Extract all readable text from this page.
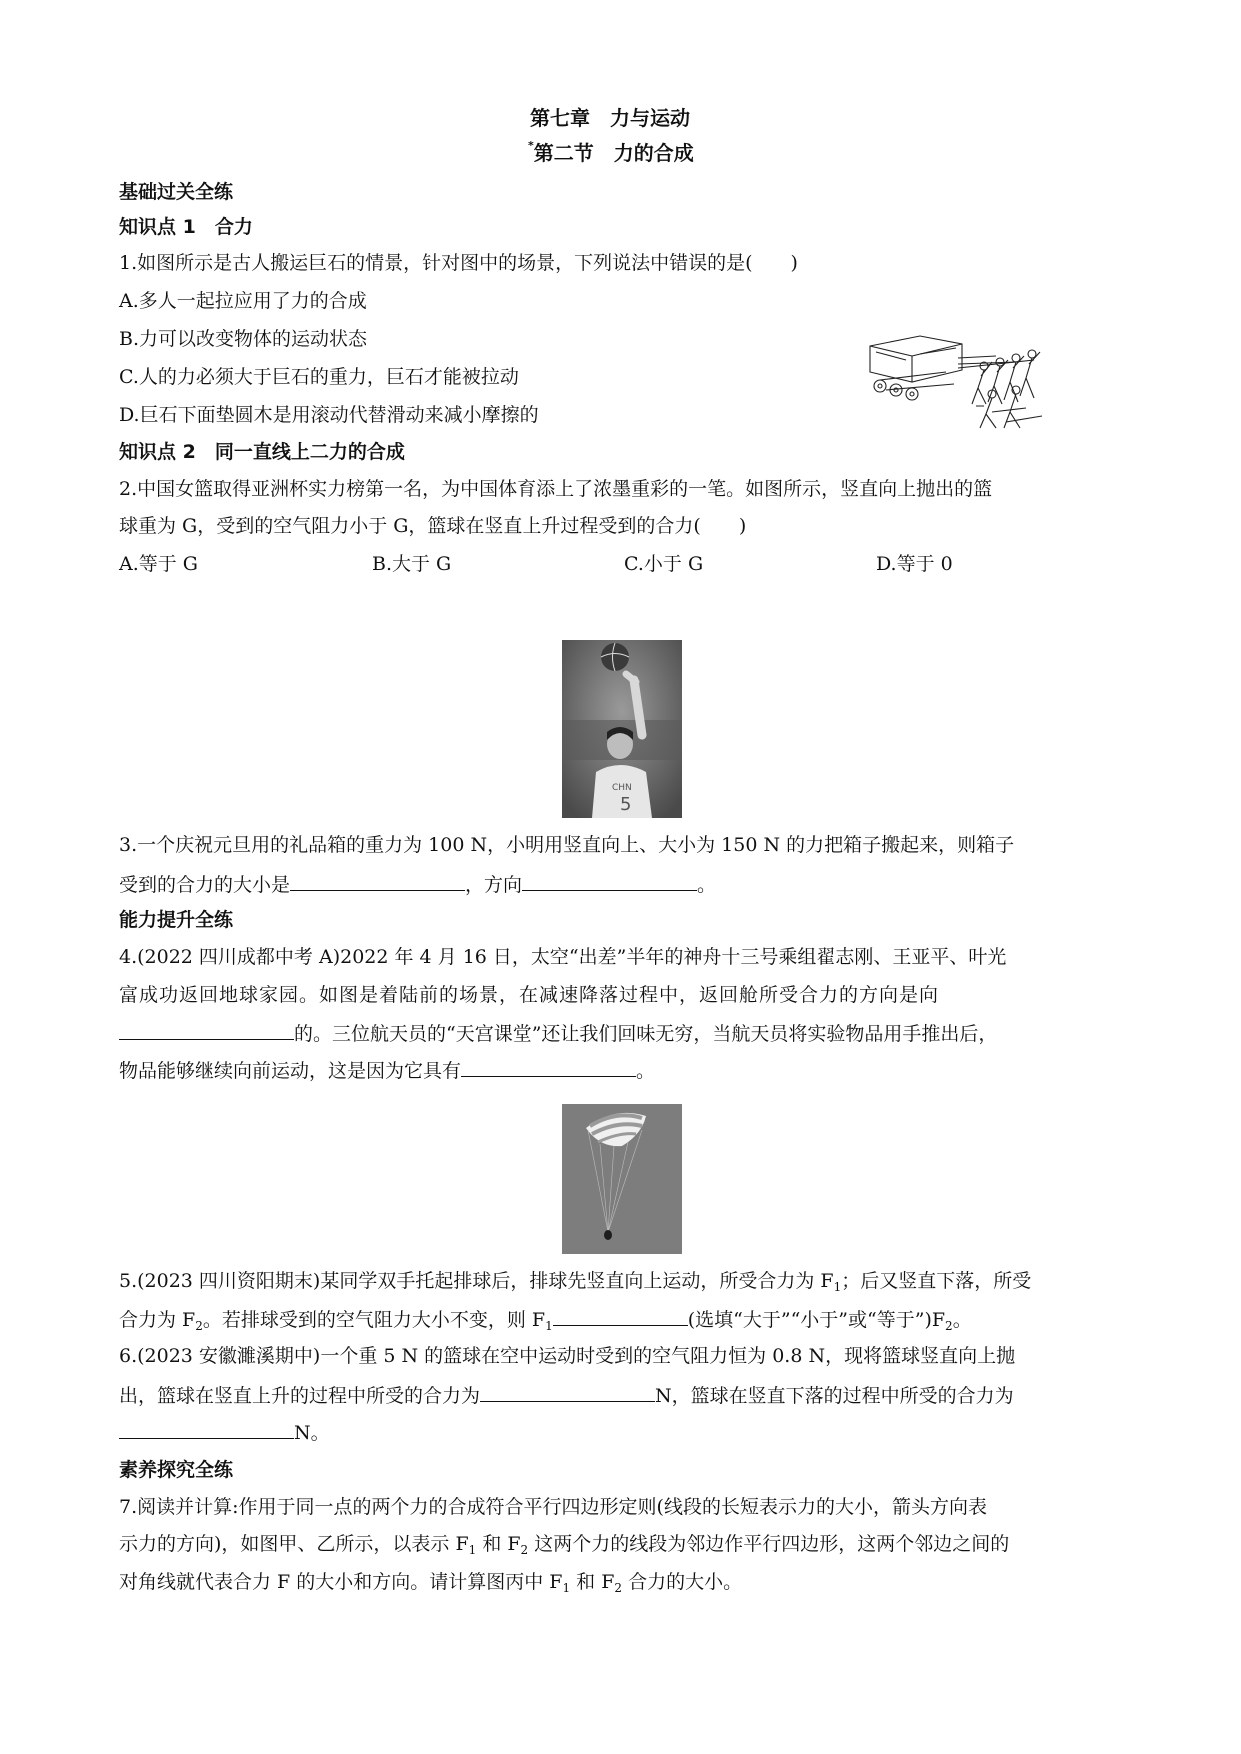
第七章　力与运动
*第二节　力的合成
基础过关全练
知识点 1　合力
1.如图所示是古人搬运巨石的情景，针对图中的场景，下列说法中错误的是(　　)
A.多人一起拉应用了力的合成
B.力可以改变物体的运动状态
C.人的力必须大于巨石的重力，巨石才能被拉动
D.巨石下面垫圆木是用滚动代替滑动来减小摩擦的
知识点 2　同一直线上二力的合成
2.中国女篮取得亚洲杯实力榜第一名，为中国体育添上了浓墨重彩的一笔。如图所示，竖直向上抛出的篮
球重为 G，受到的空气阻力小于 G，篮球在竖直上升过程受到的合力(　　)
A.等于 G	B.大于 G	C.小于 G	D.等于 0
CHN
5
3.一个庆祝元旦用的礼品箱的重力为 100 N，小明用竖直向上、大小为 150 N 的力把箱子搬起来，则箱子
受到的合力的大小是	，方向	。
能力提升全练
4.(2022 四川成都中考 A)2022 年 4 月 16 日，太空“出差”半年的神舟十三号乘组翟志刚、王亚平、叶光
富成功返回地球家园。如图是着陆前的场景，在减速降落过程中，返回舱所受合力的方向是向
的。三位航天员的“天宫课堂”还让我们回味无穷，当航天员将实验物品用手推出后，
物品能够继续向前运动，这是因为它具有	。
5.(2023 四川资阳期末)某同学双手托起排球后，排球先竖直向上运动，所受合力为 $F_1$；后又竖直下落，所受
合力为 $F_2$。若排球受到的空气阻力大小不变，则 $F_1$	(选填“大于”“小于”或“等于$”)F_2$。
6.(2023 安徽濉溪期中)一个重 5 N 的篮球在空中运动时受到的空气阻力恒为 0.8 N，现将篮球竖直向上抛
出，篮球在竖直上升的过程中所受的合力为	N，篮球在竖直下落的过程中所受的合力为
N。
素养探究全练
7.阅读并计算:作用于同一点的两个力的合成符合平行四边形定则(线段的长短表示力的大小，箭头方向表
示力的方向)，如图甲、乙所示，以表示 $F_1$ 和 $F_2$ 这两个力的线段为邻边作平行四边形，这两个邻边之间的
对角线就代表合力 F 的大小和方向。请计算图丙中 $F_1$ 和 $F_2$ 合力的大小。
